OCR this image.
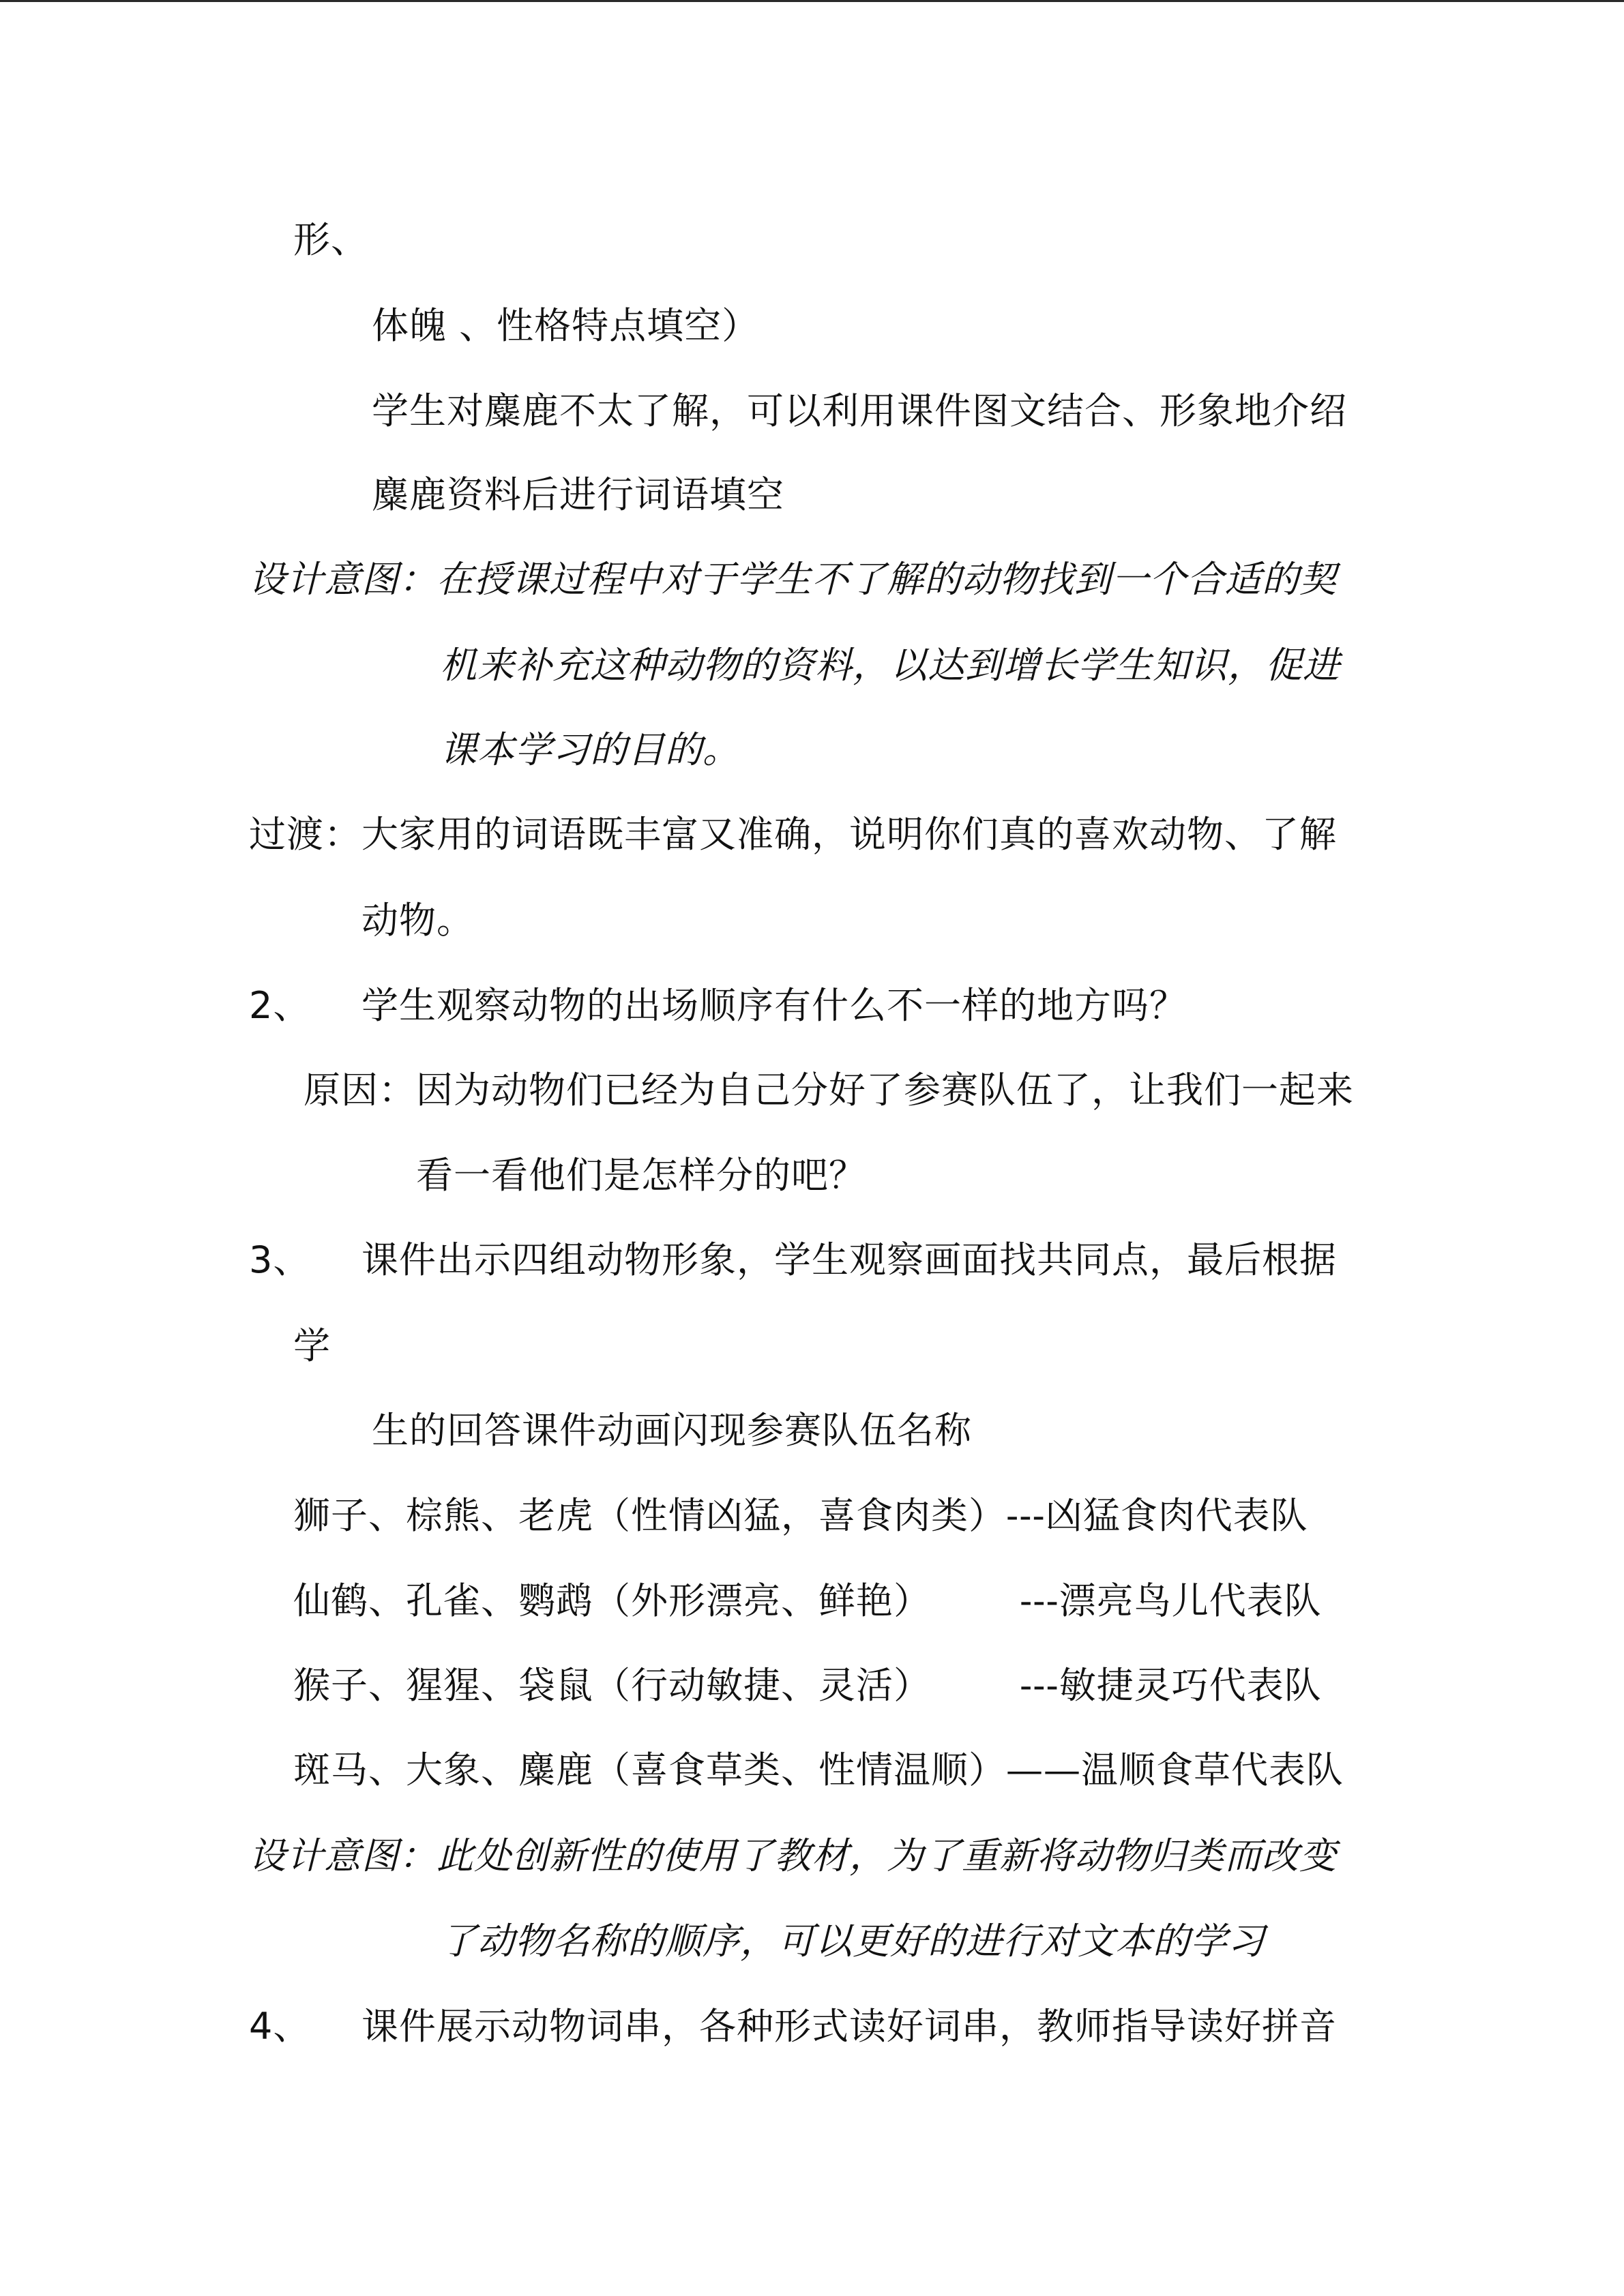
形、
体魄 、性格特点填空）
学生对麋鹿不太了解，可以利用课件图文结合、形象地介绍
麋鹿资料后进行词语填空
设计意图：在授课过程中对于学生不了解的动物找到一个合适的契
机来补充这种动物的资料，以达到增长学生知识，促进
课本学习的目的。
过渡：大家用的词语既丰富又准确，说明你们真的喜欢动物、了解
动物。
2、 学生观察动物的出场顺序有什么不一样的地方吗？
原因：因为动物们已经为自己分好了参赛队伍了，让我们一起来
看一看他们是怎样分的吧？
3、 课件出示四组动物形象，学生观察画面找共同点，最后根据
学
生的回答课件动画闪现参赛队伍名称
狮子、棕熊、老虎（性情凶猛，喜食肉类）---凶猛食肉代表队
仙鹤、孔雀、鹦鹉（外形漂亮、鲜艳） ---漂亮鸟儿代表队
猴子、猩猩、袋鼠（行动敏捷、灵活） ---敏捷灵巧代表队
斑马、大象、麋鹿（喜食草类、性情温顺）——温顺食草代表队
设计意图：此处创新性的使用了教材，为了重新将动物归类而改变
了动物名称的顺序，可以更好的进行对文本的学习
4、 课件展示动物词串，各种形式读好词串，教师指导读好拼音
